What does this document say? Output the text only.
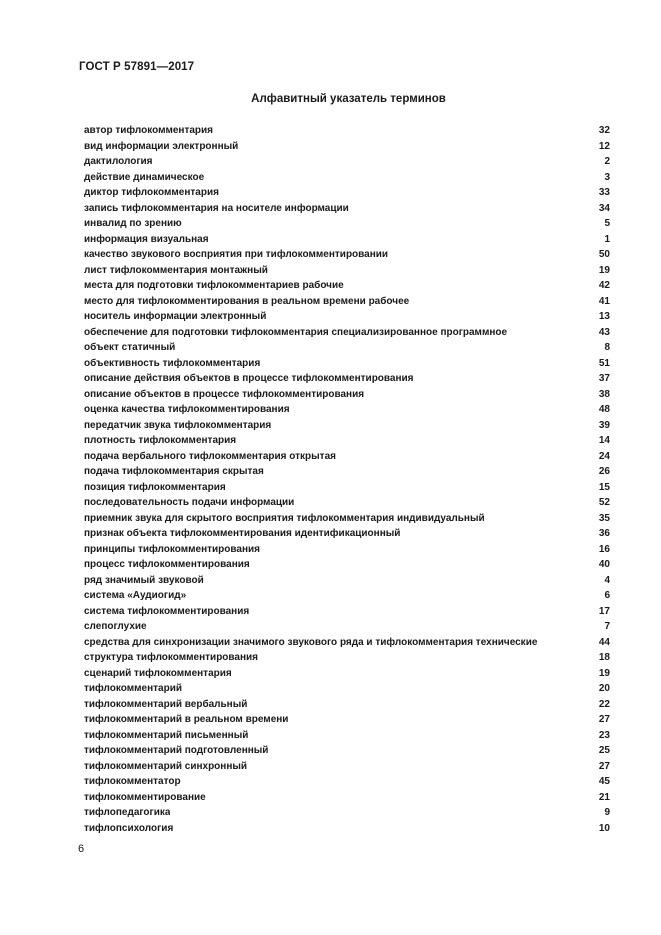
ГОСТ Р 57891—2017
Алфавитный указатель терминов
автор тифлокомментария	32
вид информации электронный	12
дактилология	2
действие динамическое	3
диктор тифлокомментария	33
запись тифлокомментария на носителе информации	34
инвалид по зрению	5
информация визуальная	1
качество звукового восприятия при тифлокомментировании	50
лист тифлокомментария монтажный	19
места для подготовки тифлокомментариев рабочие	42
место для тифлокомментирования в реальном времени рабочее	41
носитель информации электронный	13
обеспечение для подготовки тифлокомментария специализированное программное	43
объект статичный	8
объективность тифлокомментария	51
описание действия объектов в процессе тифлокомментирования	37
описание объектов в процессе тифлокомментирования	38
оценка качества тифлокомментирования	48
передатчик звука тифлокомментария	39
плотность тифлокомментария	14
подача вербального тифлокомментария открытая	24
подача тифлокомментария скрытая	26
позиция тифлокомментария	15
последовательность подачи информации	52
приемник звука для скрытого восприятия тифлокомментария индивидуальный	35
признак объекта тифлокомментирования идентификационный	36
принципы тифлокомментирования	16
процесс тифлокомментирования	40
ряд значимый звуковой	4
система «Аудиогид»	6
система тифлокомментирования	17
слепоглухие	7
средства для синхронизации значимого звукового ряда и тифлокомментария технические	44
структура тифлокомментирования	18
сценарий тифлокомментария	19
тифлокомментарий	20
тифлокомментарий вербальный	22
тифлокомментарий в реальном времени	27
тифлокомментарий письменный	23
тифлокомментарий подготовленный	25
тифлокомментарий синхронный	27
тифлокомментатор	45
тифлокомментирование	21
тифлопедагогика	9
тифлопсихология	10
6
